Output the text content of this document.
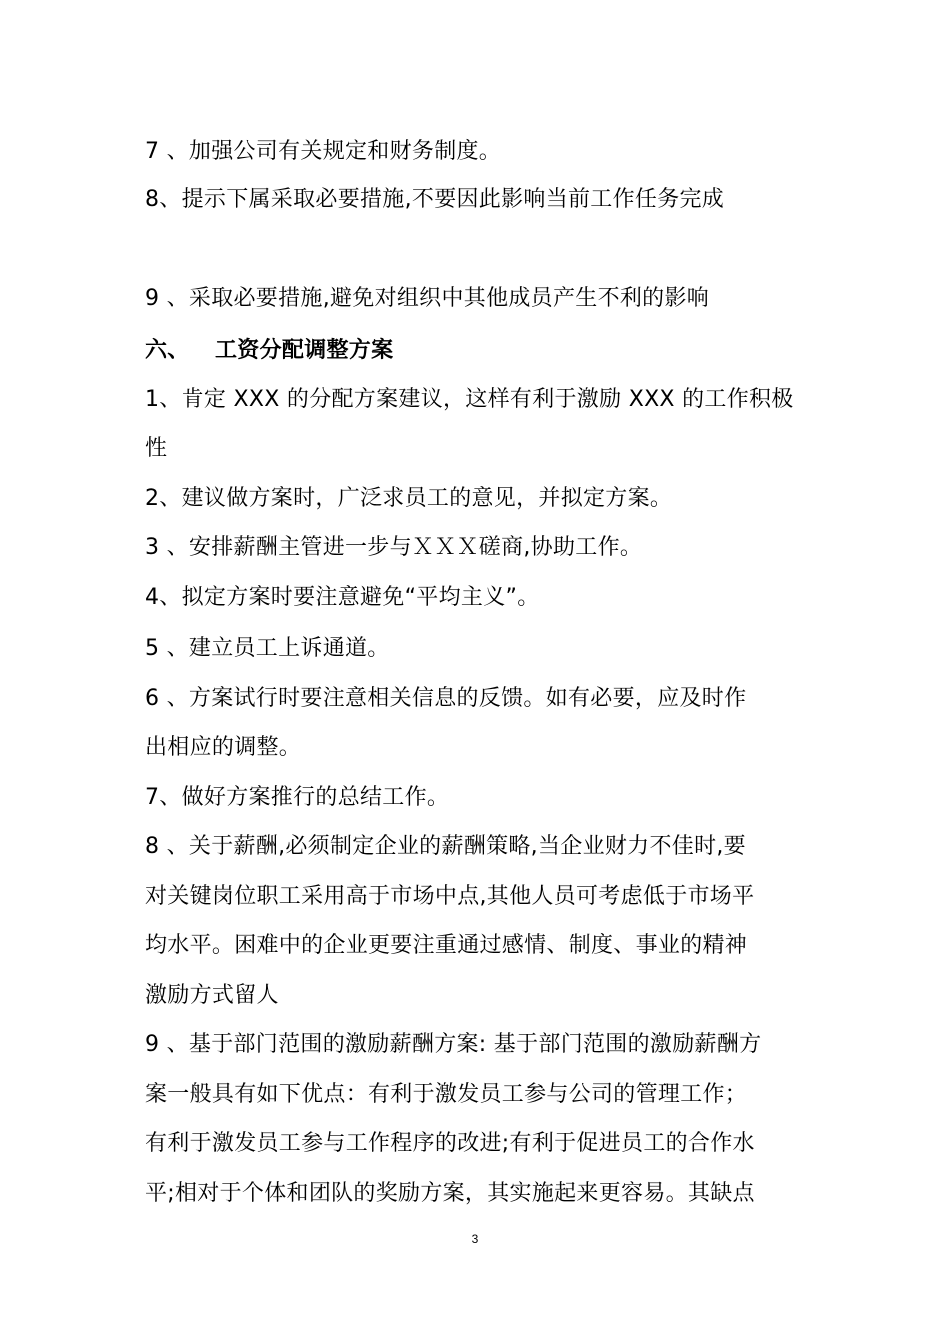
7 、加强公司有关规定和财务制度。
8、提示下属采取必要措施,不要因此影响当前工作任务完成
9 、采取必要措施,避免对组织中其他成员产生不利的影响
六、 工资分配调整方案
1、肯定 XXX 的分配方案建议，这样有利于激励 XXX 的工作积极
性
2、建议做方案时，广泛求员工的意见，并拟定方案。
3 、安排薪酬主管进一步与ＸＸＸ磋商,协助工作。
4、拟定方案时要注意避免“平均主义”。
5 、建立员工上诉通道。
6 、方案试行时要注意相关信息的反馈。如有必要，应及时作
出相应的调整。
7、做好方案推行的总结工作。
8 、关于薪酬,必须制定企业的薪酬策略,当企业财力不佳时,要
对关键岗位职工采用高于市场中点,其他人员可考虑低于市场平
均水平。困难中的企业更要注重通过感情、制度、事业的精神
激励方式留人
9 、基于部门范围的激励薪酬方案: 基于部门范围的激励薪酬方
案一般具有如下优点：有利于激发员工参与公司的管理工作；
有利于激发员工参与工作程序的改进;有利于促进员工的合作水
平;相对于个体和团队的奖励方案，其实施起来更容易。其缺点
3
